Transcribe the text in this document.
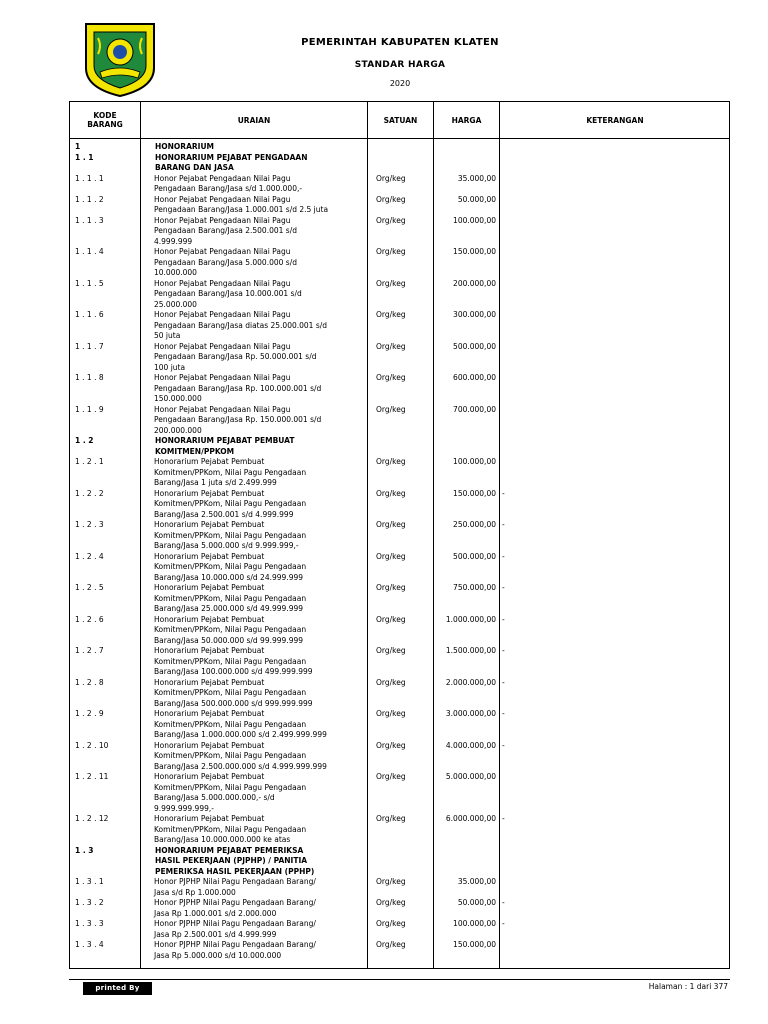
PEMERINTAH KABUPATEN KLATEN
STANDAR HARGA
2020
KODE
BARANG	URAIAN	SATUAN	HARGA	KETERANGAN
1	HONORARIUM
1 . 1	HONORARIUM PEJABAT PENGADAAN
BARANG DAN JASA
1 . 1 . 1	Honor Pejabat Pengadaan Nilai Pagu
Pengadaan Barang/Jasa s/d 1.000.000,-
Org/keg	35.000,00
1 . 1 . 2	Honor Pejabat Pengadaan Nilai Pagu
Pengadaan Barang/Jasa 1.000.001 s/d 2.5 juta
Org/keg	50.000,00
1 . 1 . 3	Honor Pejabat Pengadaan Nilai Pagu
Pengadaan Barang/Jasa 2.500.001 s/d
4.999.999
Org/keg	100.000,00
1 . 1 . 4	Honor Pejabat Pengadaan Nilai Pagu
Pengadaan Barang/Jasa 5.000.000 s/d
10.000.000
Org/keg	150.000,00
1 . 1 . 5	Honor Pejabat Pengadaan Nilai Pagu
Pengadaan Barang/Jasa 10.000.001 s/d
25.000.000
Org/keg	200.000,00
1 . 1 . 6	Honor Pejabat Pengadaan Nilai Pagu
Pengadaan Barang/Jasa diatas 25.000.001 s/d
50 juta
Org/keg	300.000,00
1 . 1 . 7	Honor Pejabat Pengadaan Nilai Pagu
Pengadaan Barang/Jasa Rp. 50.000.001 s/d
100 juta
Org/keg	500.000,00
1 . 1 . 8	Honor Pejabat Pengadaan Nilai Pagu
Pengadaan Barang/Jasa Rp. 100.000.001 s/d
150.000.000
Org/keg	600.000,00
1 . 1 . 9	Honor Pejabat Pengadaan Nilai Pagu
Pengadaan Barang/Jasa Rp. 150.000.001 s/d
200.000.000
Org/keg	700.000,00
1 . 2	HONORARIUM PEJABAT PEMBUAT
KOMITMEN/PPKOM
1 . 2 . 1	Honorarium Pejabat Pembuat
Komitmen/PPKom, Nilai Pagu Pengadaan
Barang/Jasa 1 juta s/d 2.499.999
Org/keg	100.000,00
1 . 2 . 2	Honorarium Pejabat Pembuat
Komitmen/PPKom, Nilai Pagu Pengadaan
Barang/Jasa 2.500.001 s/d 4.999.999
Org/keg	150.000,00 -
1 . 2 . 3	Honorarium Pejabat Pembuat
Komitmen/PPKom, Nilai Pagu Pengadaan
Barang/Jasa 5.000.000 s/d 9.999.999,-
Org/keg	250.000,00 -
1 . 2 . 4	Honorarium Pejabat Pembuat
Komitmen/PPKom, Nilai Pagu Pengadaan
Barang/Jasa 10.000.000 s/d 24.999.999
Org/keg	500.000,00 -
1 . 2 . 5	Honorarium Pejabat Pembuat
Komitmen/PPKom, Nilai Pagu Pengadaan
Barang/Jasa 25.000.000 s/d 49.999.999
Org/keg	750.000,00 -
1 . 2 . 6	Honorarium Pejabat Pembuat
Komitmen/PPKom, Nilai Pagu Pengadaan
Barang/Jasa 50.000.000 s/d 99.999.999
Org/keg	1.000.000,00 -
1 . 2 . 7	Honorarium Pejabat Pembuat
Komitmen/PPKom, Nilai Pagu Pengadaan
Barang/Jasa 100.000.000 s/d 499.999.999
Org/keg	1.500.000,00 -
1 . 2 . 8	Honorarium Pejabat Pembuat
Komitmen/PPKom, Nilai Pagu Pengadaan
Barang/Jasa 500.000.000 s/d 999.999.999
Org/keg	2.000.000,00 -
1 . 2 . 9	Honorarium Pejabat Pembuat
Komitmen/PPKom, Nilai Pagu Pengadaan
Barang/Jasa 1.000.000.000 s/d 2.499.999.999
Org/keg	3.000.000,00 -
1 . 2 . 10	Honorarium Pejabat Pembuat
Komitmen/PPKom, Nilai Pagu Pengadaan
Barang/Jasa 2.500.000.000 s/d 4.999.999.999
Org/keg	4.000.000,00 -
1 . 2 . 11	Honorarium Pejabat Pembuat
Komitmen/PPKom, Nilai Pagu Pengadaan
Barang/Jasa 5.000.000.000,- s/d
9.999.999.999,-
Org/keg	5.000.000,00
1 . 2 . 12	Honorarium Pejabat Pembuat
Komitmen/PPKom, Nilai Pagu Pengadaan
Barang/Jasa 10.000.000.000 ke atas
Org/keg	6.000.000,00 -
1 . 3	HONORARIUM PEJABAT PEMERIKSA
HASIL PEKERJAAN (PJPHP) / PANITIA
PEMERIKSA HASIL PEKERJAAN (PPHP)
1 . 3 . 1	Honor PJPHP Nilai Pagu Pengadaan Barang/
Jasa s/d Rp 1.000.000
Org/keg	35.000,00
1 . 3 . 2	Honor PJPHP Nilai Pagu Pengadaan Barang/
Jasa Rp 1.000.001 s/d 2.000.000
Org/keg	50.000,00 -
1 . 3 . 3	Honor PJPHP Nilai Pagu Pengadaan Barang/
Jasa Rp 2.500.001 s/d 4.999.999
Org/keg	100.000,00 -
1 . 3 . 4	Honor PJPHP Nilai Pagu Pengadaan Barang/
Jasa Rp 5.000.000 s/d 10.000.000
Org/keg	150.000,00
printed By SimDA
Halaman : 1 dari 377
